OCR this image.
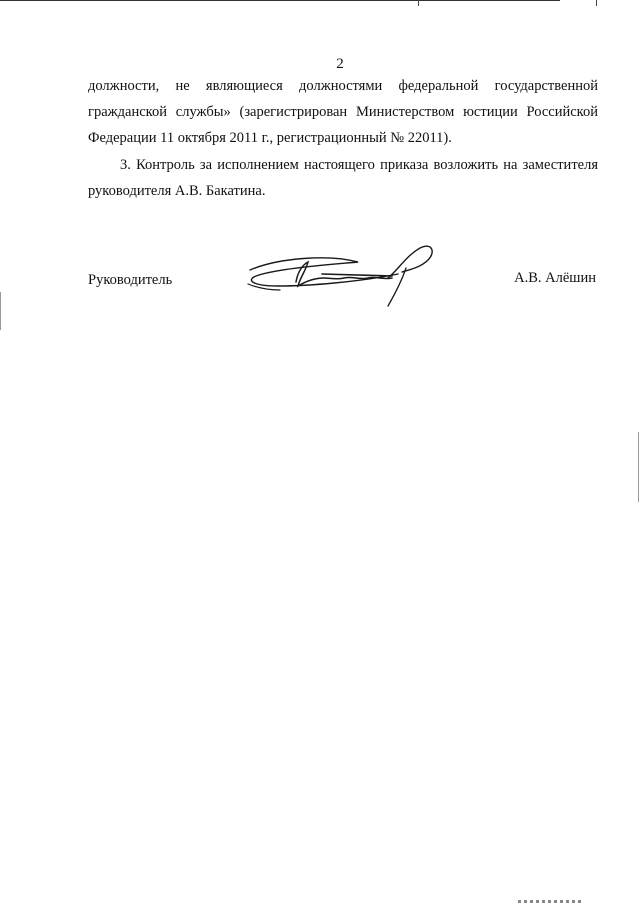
2
должности, не являющиеся должностями федеральной государственной
гражданской службы» (зарегистрирован Министерством юстиции Российской
Федерации 11 октября 2011 г., регистрационный № 22011).
3. Контроль за исполнением настоящего приказа возложить на заместителя
руководителя А.В. Бакатина.
Руководитель	А.В. Алёшин
